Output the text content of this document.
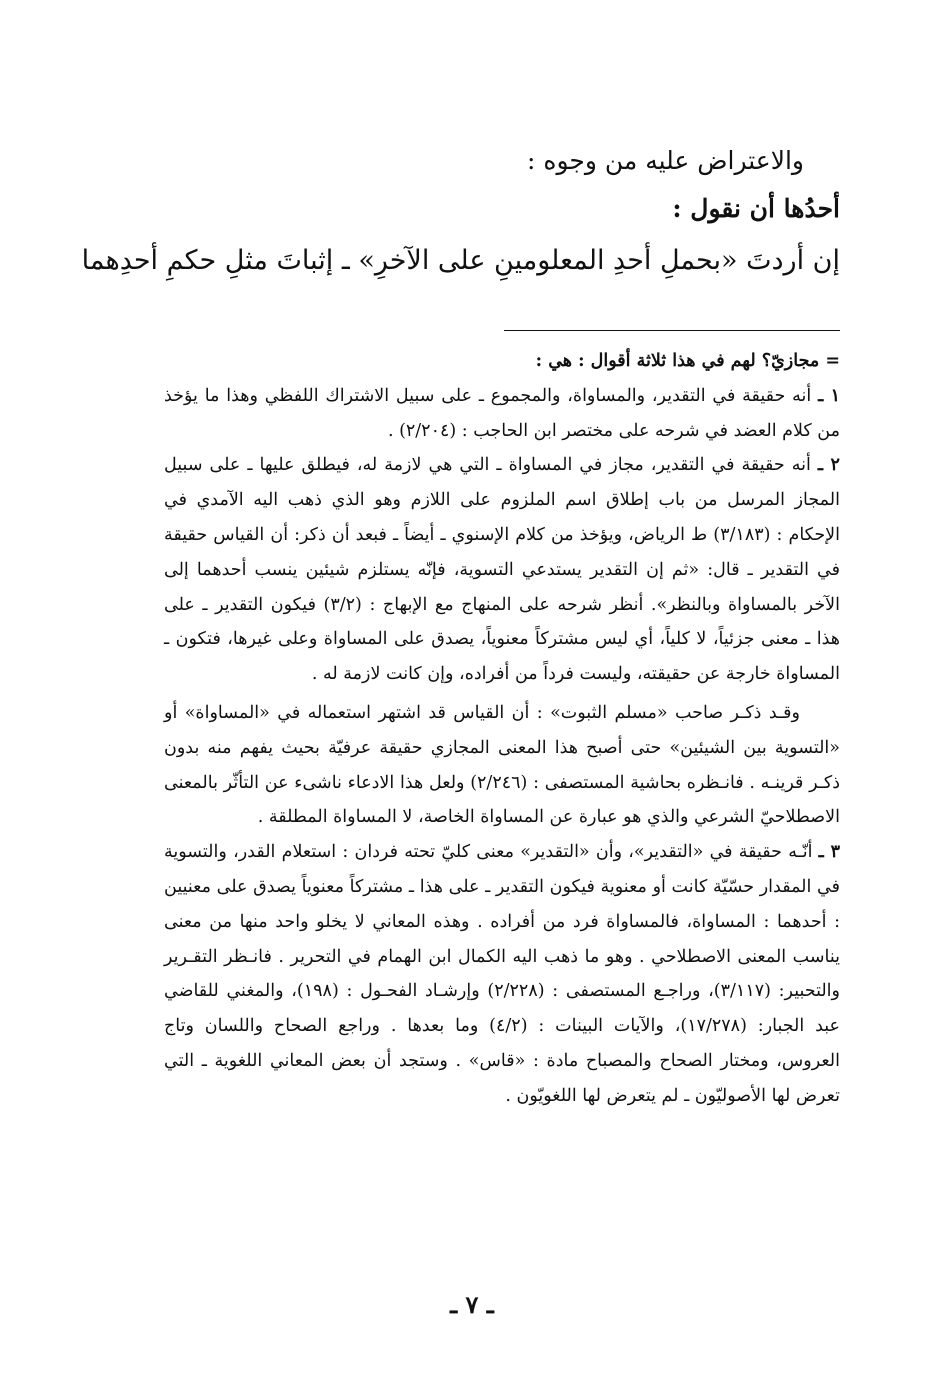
والاعتراض عليه من وجوه :
أحدُها أن نقول :
إن أردتَ «بحملِ أحدِ المعلومينِ على الآخرِ» ـ إثباتَ مثلِ حكمِ أحدِهما
= مجازيّ؟ لهم في هذا ثلاثة أقوال : هي :

١ ـ أنه حقيقة في التقدير، والمساواة، والمجموع ـ على سبيل الاشتراك اللفظي وهذا ما يؤخذ من كلام العضد في شرحه على مختصر ابن الحاجب : (٢/٢٠٤) .

٢ ـ أنه حقيقة في التقدير، مجاز في المساواة ـ التي هي لازمة له، فيطلق عليها ـ على سبيل المجاز المرسل من باب إطلاق اسم الملزوم على اللازم وهو الذي ذهب اليه الآمدي في الإحكام : (٣/١٨٣) ط الرياض، ويؤخذ من كلام الإسنوي ـ أيضاً ـ فبعد أن ذكر: أن القياس حقيقة في التقدير ـ قال: «ثم إن التقدير يستدعي التسوية، فإنّه يستلزم شيئين ينسب أحدهما إلى الآخر بالمساواة وبالنظر». أنظر شرحه على المنهاج مع الإبهاج : (٣/٢) فيكون التقدير ـ على هذا ـ معنى جزئياً، لا كلياً، أي ليس مشتركاً معنوياً، يصدق على المساواة وعلى غيرها، فتكون ـ المساواة خارجة عن حقيقته، وليست فرداً من أفراده، وإن كانت لازمة له .

وقـد ذكـر صاحب «مسلم الثبوت» : أن القياس قد اشتهر استعماله في «المساواة» أو «التسوية بين الشيئين» حتى أصبح هذا المعنى المجازي حقيقة عرفيّة بحيث يفهم منه بدون ذكـر قرينـه . فانـظره بحاشية المستصفى : (٢/٢٤٦) ولعل هذا الادعاء ناشىء عن التأثّر بالمعنى الاصطلاحيّ الشرعي والذي هو عبارة عن المساواة الخاصة، لا المساواة المطلقة .

٣ ـ أنّـه حقيقة في «التقدير»، وأن «التقدير» معنى كليّ تحته فردان : استعلام القدر، والتسوية في المقدار حسّيّة كانت أو معنوية فيكون التقدير ـ على هذا ـ مشتركاً معنوياً يصدق على معنيين : أحدهما : المساواة، فالمساواة فرد من أفراده . وهذه المعاني لا يخلو واحد منها من معنى يناسب المعنى الاصطلاحي . وهو ما ذهب اليه الكمال ابن الهمام في التحرير . فانـظر التقـرير والتحبير: (٣/١١٧)، وراجـع المستصفى : (٢/٢٢٨) وإرشـاد الفحـول : (١٩٨)، والمغني للقاضي عبد الجبار: (١٧/٢٧٨)، والآيات البينات : (٤/٢) وما بعدها . وراجع الصحاح واللسان وتاج العروس، ومختار الصحاح والمصباح مادة : «قاس» . وستجد أن بعض المعاني اللغوية ـ التي تعرض لها الأصوليّون ـ لم يتعرض لها اللغويّون .

ـ ٧ ـ
